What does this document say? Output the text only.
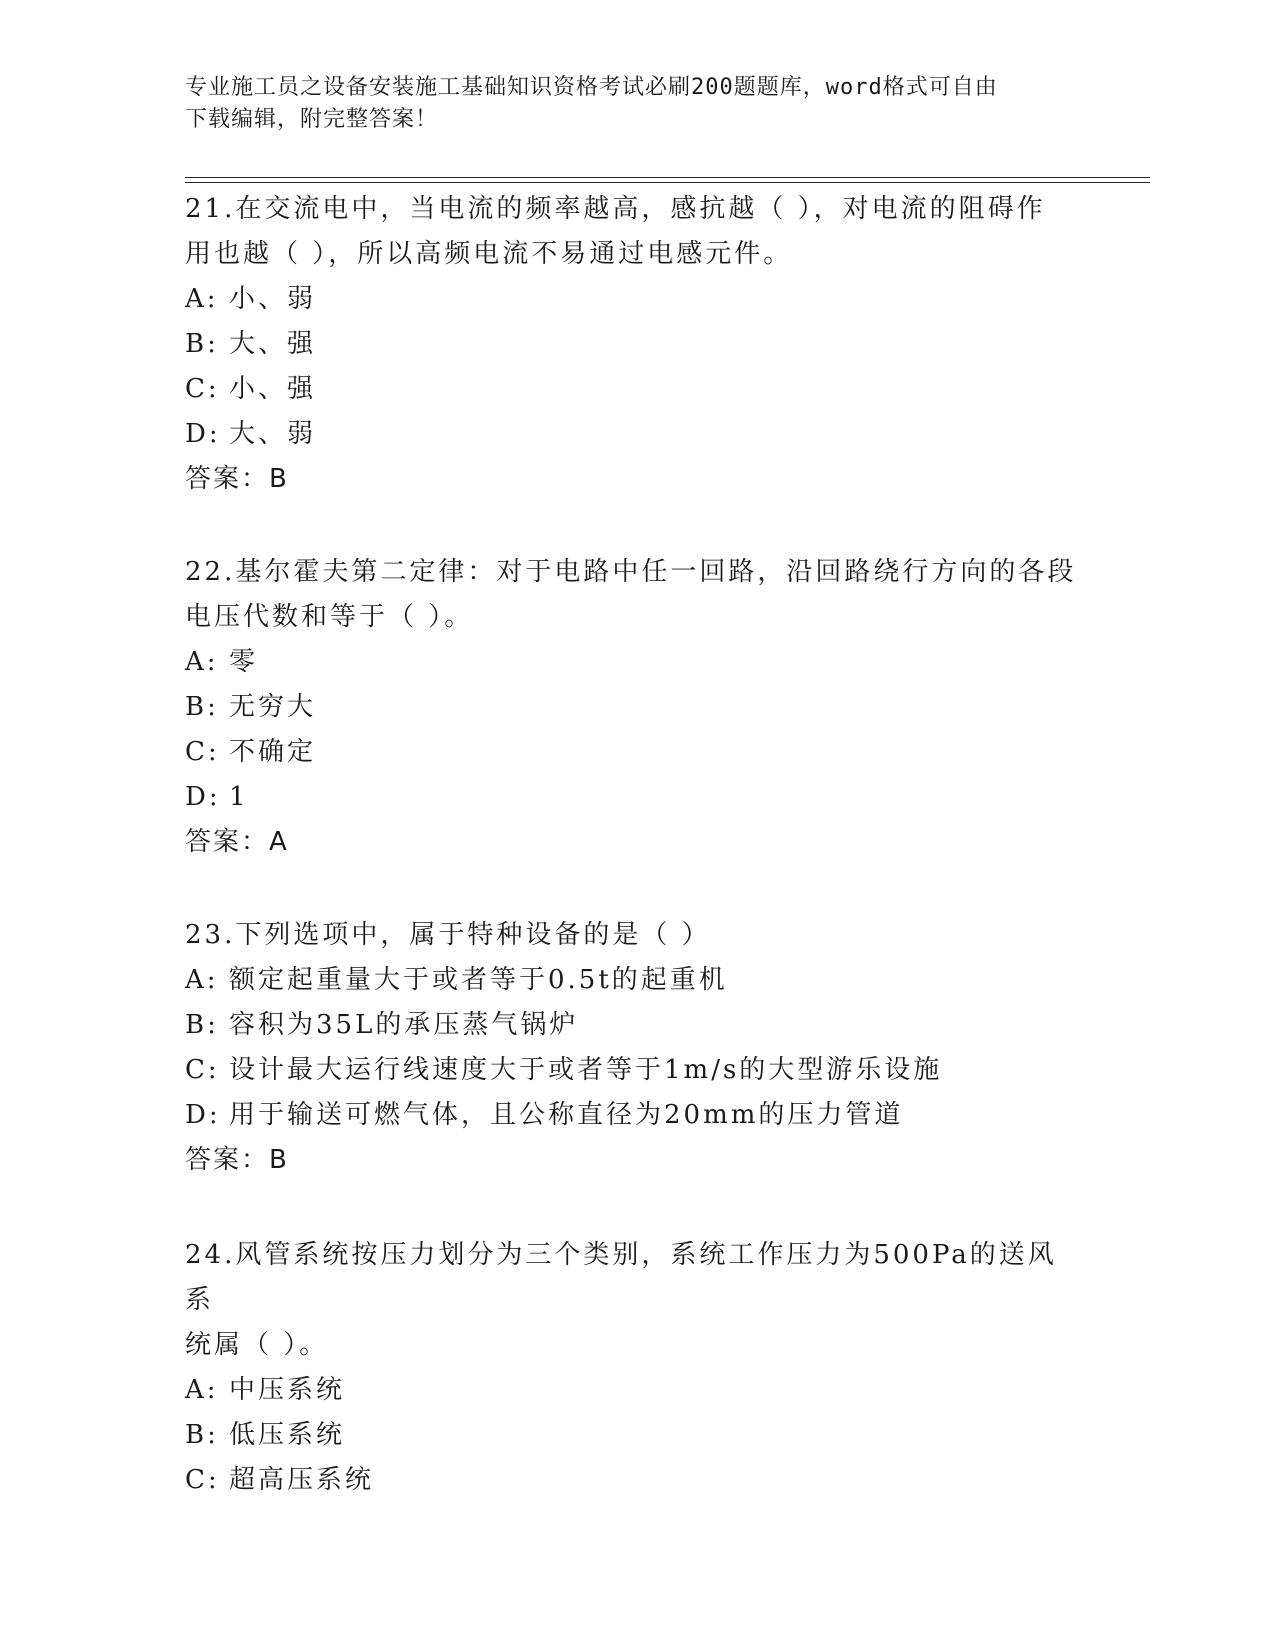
专业施工员之设备安装施工基础知识资格考试必刷200题题库，word格式可自由
下载编辑，附完整答案！

21.在交流电中，当电流的频率越高，感抗越（ ），对电流的阻碍作

用也越（ ），所以高频电流不易通过电感元件。

A: 小、弱

B: 大、强

C: 小、强

D: 大、弱

答案：B

22.基尔霍夫第二定律：对于电路中任一回路，沿回路绕行方向的各段

电压代数和等于（ ）。

A: 零

B: 无穷大

C: 不确定

D: 1

答案：A

23.下列选项中，属于特种设备的是（ ）

A: 额定起重量大于或者等于0.5t的起重机

B: 容积为35L的承压蒸气锅炉

C: 设计最大运行线速度大于或者等于1m/s的大型游乐设施

D: 用于输送可燃气体，且公称直径为20mm的压力管道

答案：B

24.风管系统按压力划分为三个类别，系统工作压力为500Pa的送风系

统属（ ）。

A: 中压系统

B: 低压系统

C: 超高压系统
